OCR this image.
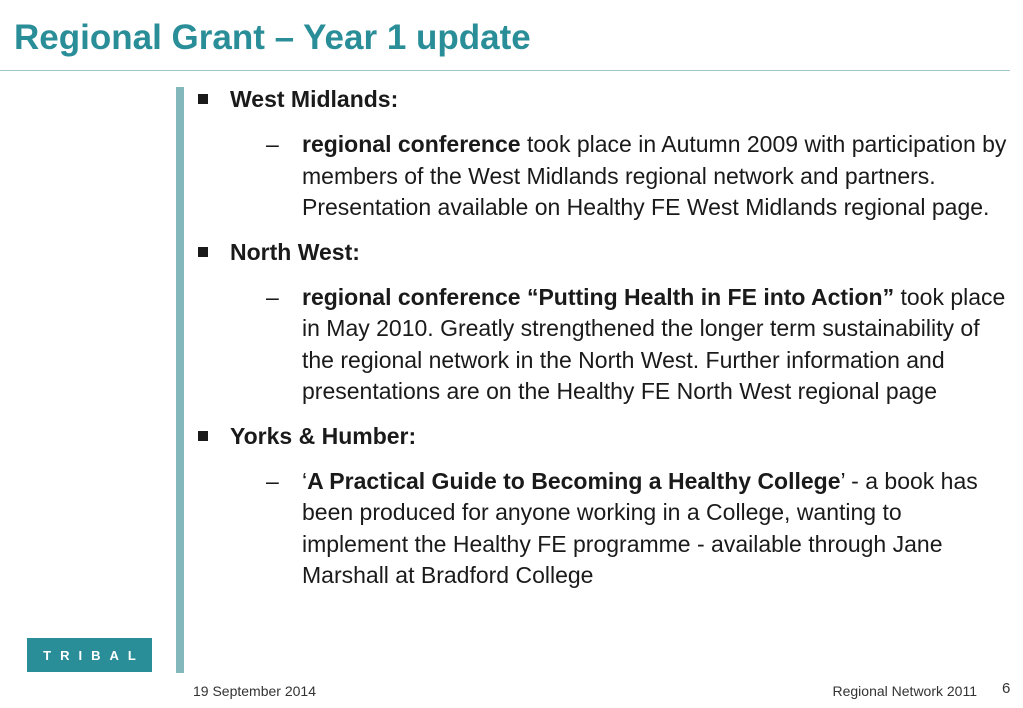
Regional Grant – Year 1 update
TRIBAL
West Midlands:
– regional conference took place in Autumn 2009 with participation by members of the West Midlands regional network and partners. Presentation available on Healthy FE West Midlands regional page.
North West:
– regional conference “Putting Health in FE into Action” took place in May 2010. Greatly strengthened the longer term sustainability of the regional network in the North West. Further information and presentations are on the Healthy FE North West regional page
Yorks & Humber:
– ‘A Practical Guide to Becoming a Healthy College’ - a book has been produced for anyone working in a College, wanting to implement the Healthy FE programme - available through Jane Marshall at Bradford College
19 September 2014	Regional Network 2011 6
